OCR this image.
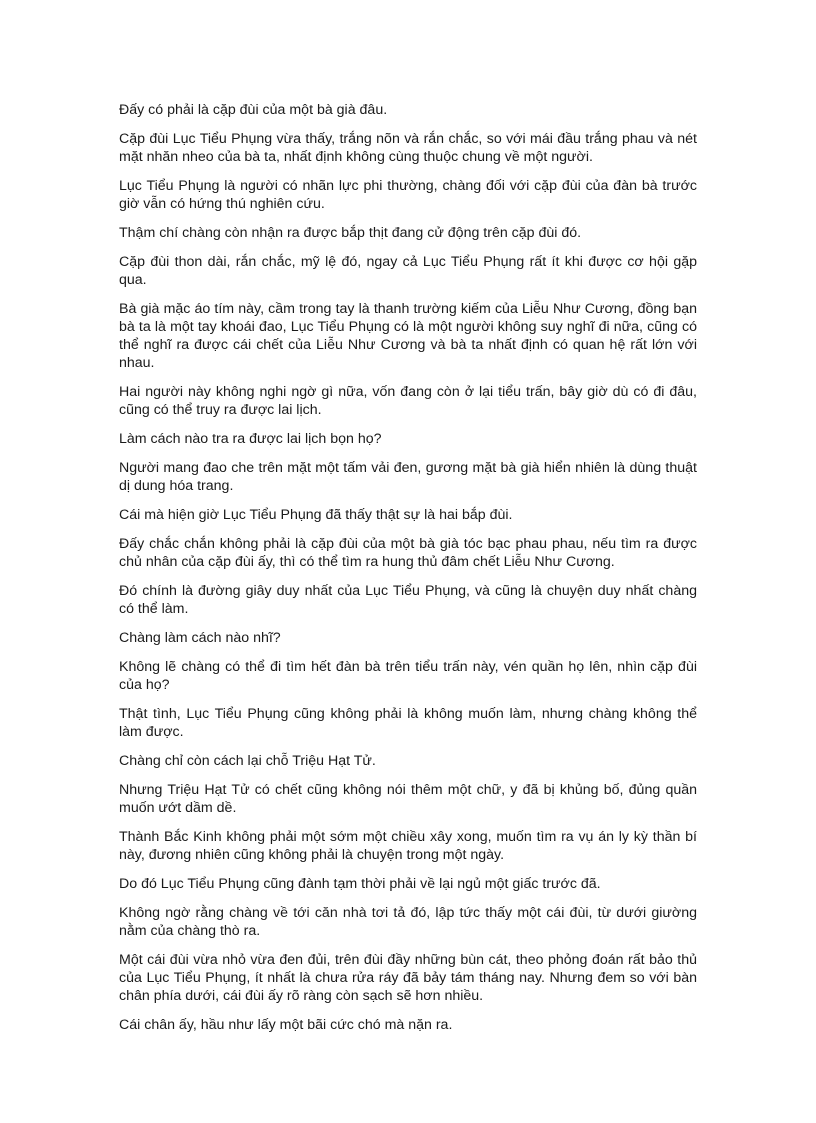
Đấy có phải là cặp đùi của một bà già đâu.

Cặp đùi Lục Tiểu Phụng vừa thấy, trắng nõn và rắn chắc, so với mái đầu trắng phau và nét mặt nhăn nheo của bà ta, nhất định không cùng thuộc chung về một người.

Lục Tiểu Phụng là người có nhãn lực phi thường, chàng đối với cặp đùi của đàn bà trước giờ vẫn có hứng thú nghiên cứu.

Thậm chí chàng còn nhận ra được bắp thịt đang cử động trên cặp đùi đó.

Cặp đùi thon dài, rắn chắc, mỹ lệ đó, ngay cả Lục Tiểu Phụng rất ít khi được cơ hội gặp qua.

Bà già mặc áo tím này, cầm trong tay là thanh trường kiếm của Liễu Như Cương, đồng bạn bà ta là một tay khoái đao, Lục Tiểu Phụng có là một người không suy nghĩ đi nữa, cũng có thể nghĩ ra được cái chết của Liễu Như Cương và bà ta nhất định có quan hệ rất lớn với nhau.

Hai người này không nghi ngờ gì nữa, vốn đang còn ở lại tiểu trấn, bây giờ dù có đi đâu, cũng có thể truy ra được lai lịch.

Làm cách nào tra ra được lai lịch bọn họ?

Người mang đao che trên mặt một tấm vải đen, gương mặt bà già hiển nhiên là dùng thuật dị dung hóa trang.

Cái mà hiện giờ Lục Tiểu Phụng đã thấy thật sự là hai bắp đùi.

Đấy chắc chắn không phải là cặp đùi của một bà già tóc bạc phau phau, nếu tìm ra được chủ nhân của cặp đùi ấy, thì có thể tìm ra hung thủ đâm chết Liễu Như Cương.

Đó chính là đường giây duy nhất của Lục Tiểu Phụng, và cũng là chuyện duy nhất chàng có thể làm.

Chàng làm cách nào nhĩ?

Không lẽ chàng có thể đi tìm hết đàn bà trên tiểu trấn này, vén quần họ lên, nhìn cặp đùi của họ?

Thật tình, Lục Tiểu Phụng cũng không phải là không muốn làm, nhưng chàng không thể làm được.

Chàng chỉ còn cách lại chỗ Triệu Hạt Tử.

Nhưng Triệu Hạt Tử có chết cũng không nói thêm một chữ, y đã bị khủng bố, đủng quần muốn ướt dầm dề.

Thành Bắc Kinh không phải một sớm một chiều xây xong, muốn tìm ra vụ án ly kỳ thần bí này, đương nhiên cũng không phải là chuyện trong một ngày.

Do đó Lục Tiểu Phụng cũng đành tạm thời phải về lại ngủ một giấc trước đã.

Không ngờ rằng chàng về tới căn nhà tơi tả đó, lập tức thấy một cái đùi, từ dưới giường nằm của chàng thò ra.

Một cái đùi vừa nhỏ vừa đen đủi, trên đùi đầy những bùn cát, theo phỏng đoán rất bảo thủ của Lục Tiểu Phụng, ít nhất là chưa rửa ráy đã bảy tám tháng nay. Nhưng đem so với bàn chân phía dưới, cái đùi ấy rõ ràng còn sạch sẽ hơn nhiều.

Cái chân ấy, hầu như lấy một bãi cức chó mà nặn ra.
